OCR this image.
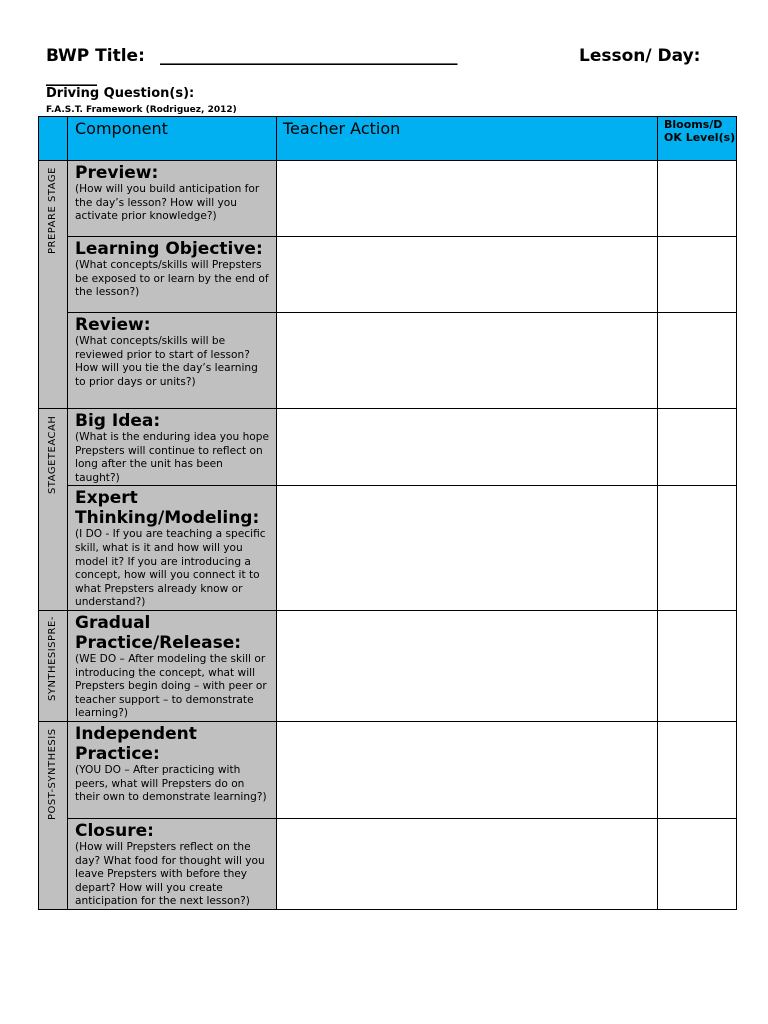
BWP Title: ___________________________________	Lesson/ Day:
______
Driving Question(s):
F.A.S.T. Framework (Rodriguez, 2012)
	Component	Teacher Action	Blooms/D OK Level(s)

PREPARE STAGE	Preview:
(How will you build anticipation for the day’s lesson? How will you activate prior knowledge?)		

	Learning Objective:
(What concepts/skills will Prepsters be exposed to or learn by the end of the lesson?)		

	Review:
(What concepts/skills will be reviewed prior to start of lesson? How will you tie the day’s learning to prior days or units?)		

STAGETEACAH	Big Idea:
(What is the enduring idea you hope Prepsters will continue to reflect on long after the unit has been taught?)		

	Expert Thinking/Modeling:
(I DO - If you are teaching a specific skill, what is it and how will you model it? If you are introducing a concept, how will you connect it to what Prepsters already know or understand?)		

SYNTHESISPRE-	Gradual Practice/Release:
(WE DO – After modeling the skill or introducing the concept, what will Prepsters begin doing – with peer or teacher support – to demonstrate learning?)		

POST-SYNTHESIS	Independent Practice:
(YOU DO – After practicing with peers, what will Prepsters do on their own to demonstrate learning?)		

	Closure:
(How will Prepsters reflect on the day? What food for thought will you leave Prepsters with before they depart? How will you create anticipation for the next lesson?)		
